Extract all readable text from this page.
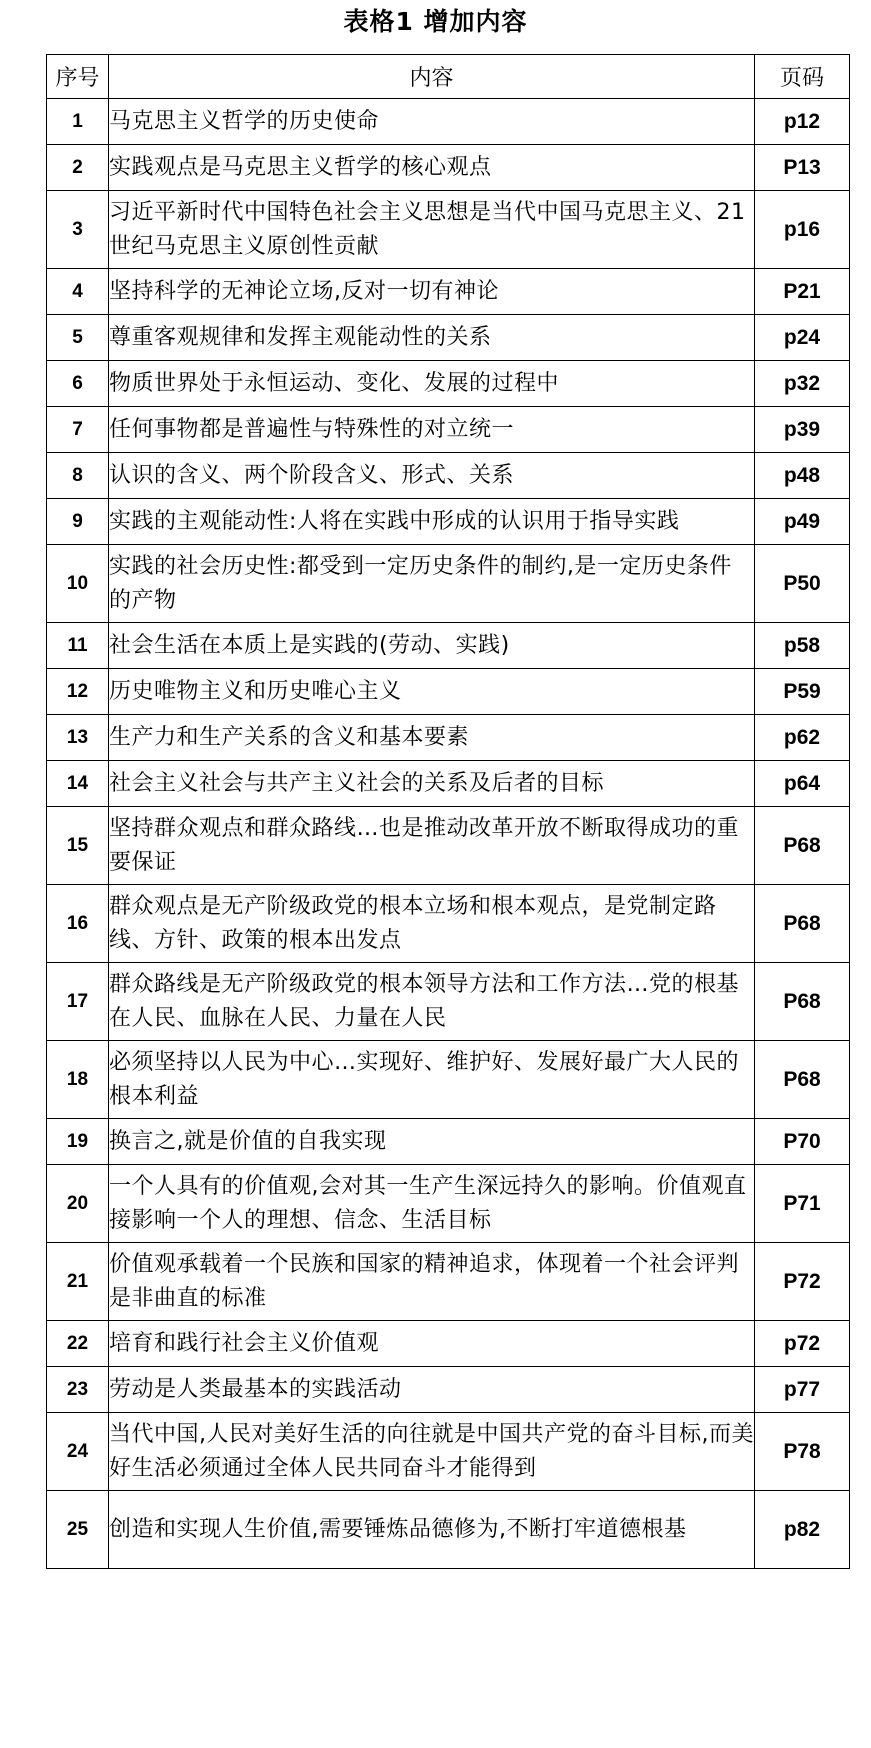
表格1 增加内容
序号	内容	页码
1	马克思主义哲学的历史使命	p12
2	实践观点是马克思主义哲学的核心观点	P13
3	习近平新时代中国特色社会主义思想是当代中国马克思主义、21 世纪马克思主义原创性贡献	p16
4	坚持科学的无神论立场,反对一切有神论	P21
5	尊重客观规律和发挥主观能动性的关系	p24
6	物质世界处于永恒运动、变化、发展的过程中	p32
7	任何事物都是普遍性与特殊性的对立统一	p39
8	认识的含义、两个阶段含义、形式、关系	p48
9	实践的主观能动性:人将在实践中形成的认识用于指导实践	p49
10	实践的社会历史性:都受到一定历史条件的制约,是一定历史条件的产物	P50
11	社会生活在本质上是实践的(劳动、实践)	p58
12	历史唯物主义和历史唯心主义	P59
13	生产力和生产关系的含义和基本要素	p62
14	社会主义社会与共产主义社会的关系及后者的目标	p64
15	坚持群众观点和群众路线…也是推动改革开放不断取得成功的重要保证	P68
16	群众观点是无产阶级政党的根本立场和根本观点，是党制定路线、方针、政策的根本出发点	P68
17	群众路线是无产阶级政党的根本领导方法和工作方法…党的根基在人民、血脉在人民、力量在人民	P68
18	必须坚持以人民为中心…实现好、维护好、发展好最广大人民的根本利益	P68
19	换言之,就是价值的自我实现	P70
20	一个人具有的价值观,会对其一生产生深远持久的影响。价值观直接影响一个人的理想、信念、生活目标	P71
21	价值观承载着一个民族和国家的精神追求，体现着一个社会评判是非曲直的标准	P72
22	培育和践行社会主义价值观	p72
23	劳动是人类最基本的实践活动	p77
24	当代中国,人民对美好生活的向往就是中国共产党的奋斗目标,而美好生活必须通过全体人民共同奋斗才能得到	P78
25	创造和实现人生价值,需要锤炼品德修为,不断打牢道德根基	p82
